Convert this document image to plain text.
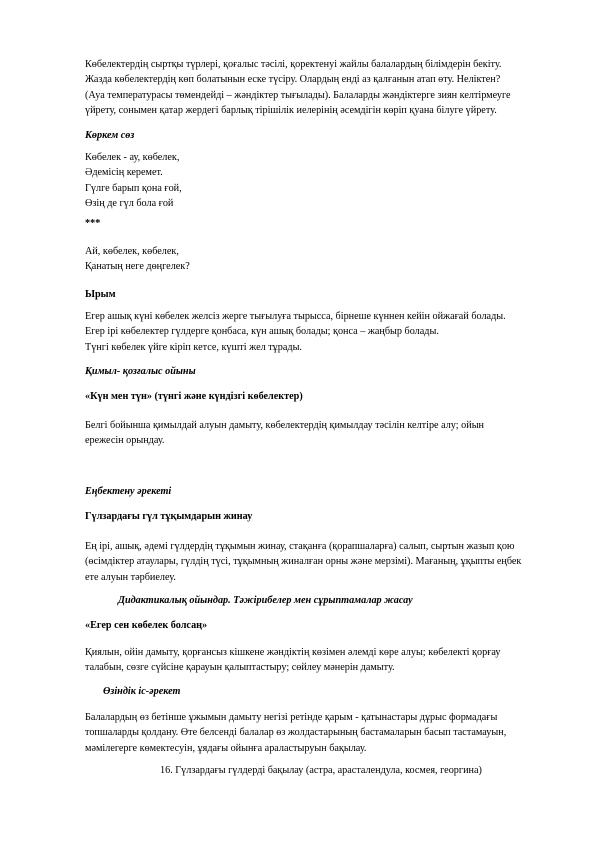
Көбелектердің сыртқы түрлері, қоғалыс тәсілі, қоректенуі жайлы балалардың білімдерін бекіту.

Жазда көбелектердің көп болатынын еске түсіру. Олардың енді аз қалғанын атап өту. Неліктен?

(Ауа температурасы төмендейді – жәндіктер тығылады). Балаларды жәндіктерге зиян келтірмеуге

үйрету, сонымен қатар жердегі барлық тірішілік иелерінің әсемдігін көріп қуана білуге үйрету.

Көркем сөз

Көбелек - ау, көбелек,

Әдемісің керемет.

Гүлге барып қона ғой,

Өзің де гүл бола ғой

***

Ай, көбелек, көбелек,

Қанатың неге дөңгелек?

Ырым

Егер ашық күні көбелек желсіз жерге тығылуға тырысса, бірнеше күннен кейін ойжағай болады.

Егер ірі көбелектер гүлдерге қонбаса, күн ашық болады; қонса – жаңбыр болады.

Түнгі көбелек үйге кіріп кетсе, күшті жел тұрады.

Қимыл- қозғалыс ойыны

«Күн мен түн» (түнгі және күндізгі көбелектер)

Белгі бойынша қимылдай алуын дамыту, көбелектердің қимылдау тәсілін келтіре алу; ойын

ережесін орындау.

Еңбектену әрекеті

Гүлзардағы гүл тұқымдарын жинау

Ең ірі, ашық, әдемі гүлдердің тұқымын жинау, стақанға (қорапшаларға) салып, сыртын жазып қою

(өсімдіктер атаулары, гүлдің түсі, тұқымның жиналған орны және мерзімі). Мағаның, ұқыпты еңбек

ете алуын тәрбиелеу.

Дидактикалық ойындар. Тәжірибелер мен сұрыптамалар жасау

«Егер сен көбелек болсаң»

Қиялын, ойін дамыту, қорғансыз кішкене жәндіктің көзімен әлемді көре алуы; көбелекті қорғау

талабын, сөзге сүйсіне қарауын қалыптастыру; сөйлеу мәнерін дамыту.

Өзіндік іс-әрекет

Балалардың өз бетінше ұжымын дамыту негізі ретінде қарым - қатынастары дұрыс формадағы

топшаларды қолдану. Өте белсенді балалар өз жолдастарының бастамаларын басып тастамауын,

мәмілегерге көмектесуін, ұядағы ойынға араластыруын бақылау.

16. Гүлзардағы гүлдерді бақылау (астра, арасталендула, космея, георгина)
